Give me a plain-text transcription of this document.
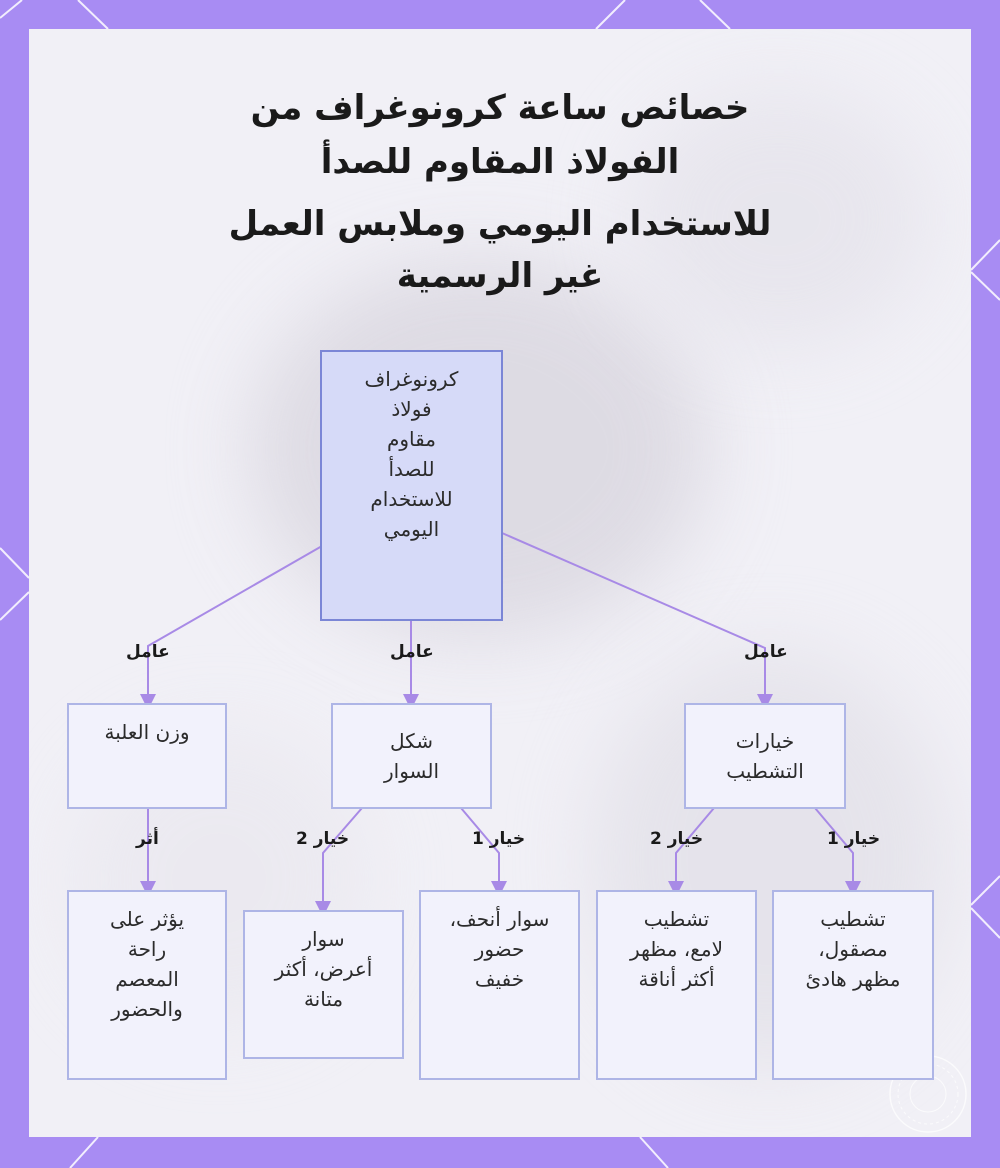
خصائص ساعة كرونوغراف من
الفولاذ المقاوم للصدأ
للاستخدام اليومي وملابس العمل
غير الرسمية
كرونوغراف
فولاذ
مقاوم
للصدأ
للاستخدام
اليومي
عامل	عامل	عامل
وزن العلبة	شكل
السوار
خيارات
التشطيب
أثر	خيار 2	خيار 1	خيار 2	خيار 1
يؤثر على
راحة
المعصم
والحضور
سوار
أعرض، أكثر
متانة
سوار أنحف،
حضور
خفيف
تشطيب
لامع، مظهر
أكثر أناقة
تشطيب
مصقول،
مظهر هادئ
